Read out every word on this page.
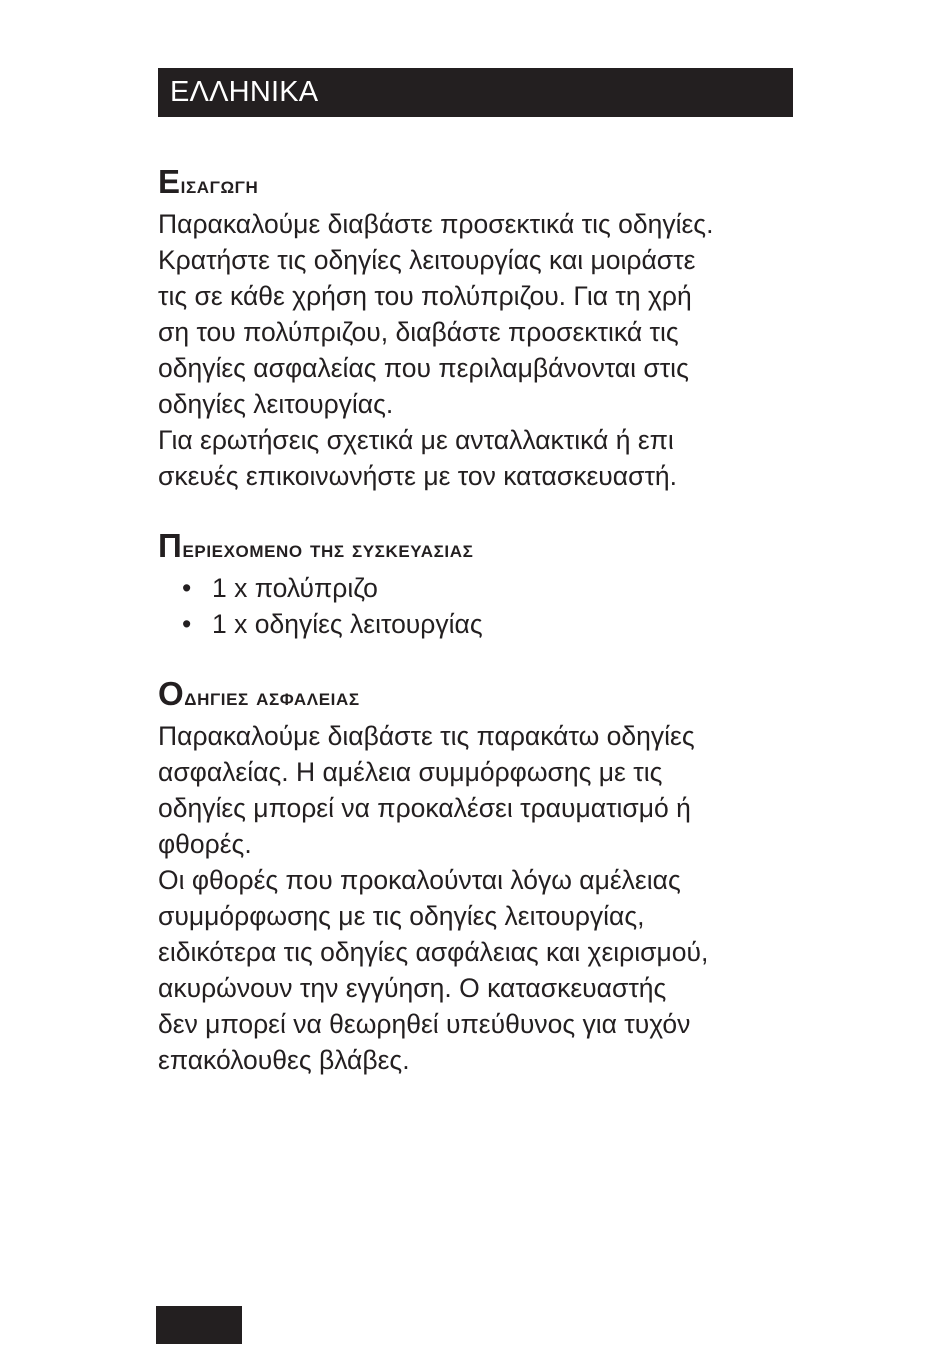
ΕΛΛΗΝΙΚΑ
Εισαγωγη

Παρακαλούμε διαβάστε προσεκτικά τις οδηγίες.
Κρατήστε τις οδηγίες λειτουργίας και μοιράστε
τις σε κάθε χρήση του πολύπριζου. Για τη χρή
ση του πολύπριζου, διαβάστε προσεκτικά τις
οδηγίες ασφαλείας που περιλαμβάνονται στις
οδηγίες λειτουργίας.
Για ερωτήσεις σχετικά με ανταλλακτικά ή επι
σκευές επικοινωνήστε με τον κατασκευαστή.

Περιεχομενο της συσκευασιας
• 1 x πολύπριζο
• 1 x οδηγίες λειτουργίας
Οδηγιες ασφαλειας

Παρακαλούμε διαβάστε τις παρακάτω οδηγίες
ασφαλείας. Η αμέλεια συμμόρφωσης με τις
οδηγίες μπορεί να προκαλέσει τραυματισμό ή
φθορές.
Οι φθορές που προκαλούνται λόγω αμέλειας
συμμόρφωσης με τις οδηγίες λειτουργίας,
ειδικότερα τις οδηγίες ασφάλειας και χειρισμού,
ακυρώνουν την εγγύηση. Ο κατασκευαστής
δεν μπορεί να θεωρηθεί υπεύθυνος για τυχόν
επακόλουθες βλάβες.
